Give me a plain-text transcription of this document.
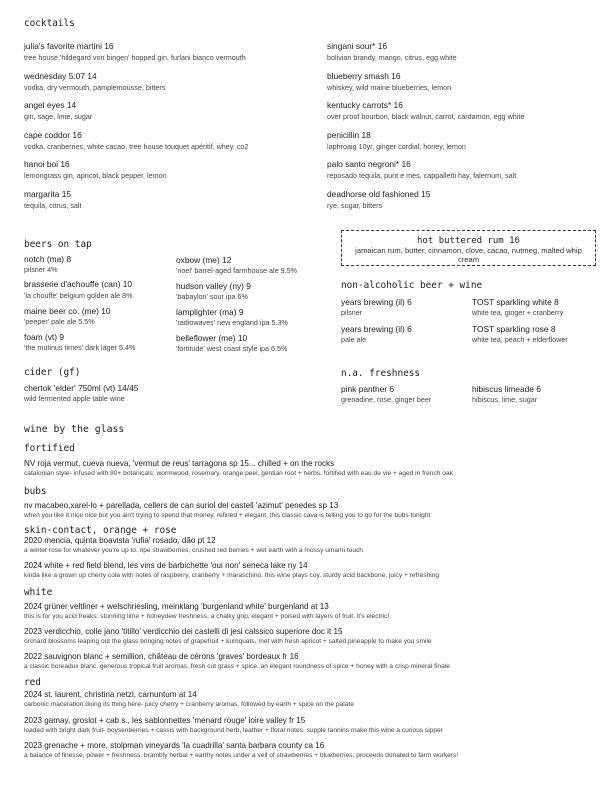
cocktails
julia's favorite martini 16
tree house 'hildegard von bingen' hopped gin, furlani bianco vermouth
wednesday 5:07 14
vodka, dry vermouth, pamplemousse, bitters
angel eyes 14
gin, sage, lime, sugar
cape coddor 16
vodka, cranberries, white cacao, tree house touquet apéritif, whey, co2
hanoi boi 16
lemongrass gin, apricot, black pepper, lemon
margarita 15
tequila, citrus, salt
singani sour* 16
bolivian brandy, mango, citrus, egg white
blueberry smash 16
whiskey, wild maine blueberries, lemon
kentucky carrots* 16
over proof bourbon, black walnut, carrot, cardamon, egg white
penicillin 18
laphroaig 10yr, ginger cordial, honey, lemon
palo santo negroni* 16
reposado tequila, punt e mes, cappalletti hay, falernum, salt
deadhorse old fashioned 15
rye, sugar, bitters
beers on tap
notch (ma) 8
pilsner 4%
brasserie d'achouffe (can) 10
'la chouffe' belgium golden ale 8%
maine beer co. (me) 10
'peeper' pale ale 5.5%
foam (vt) 9
'the mutinus times' dark lager 5.4%
oxbow (me) 12
'noel' barrel-aged farmhouse ale 9.5%
hudson valley (ny) 9
'babaylon' sour ipa 6%
lamplighter (ma) 9
'radiowaves' new england ipa 5.3%
belleflower (me) 10
'fortitude' west coast style ipa 6.5%
hot buttered rum 16
jamaican rum, butter, cinnamon, clove, cacao, nutmeg, malted whip cream
non-alcoholic beer + wine
years brewing (il) 6
pilsner
TOST sparkling white 8
white tea, ginger + cranberry
years brewing (il) 6
pale ale
TOST sparkling rose 8
white tea, peach + elderflower
cider (gf)
chertok 'elder' 750ml (vt) 14/45
wild fermented apple table wine
n.a. freshness
pink panther 6
grenadine, rose, ginger beer
hibiscus limeade 6
hibiscus, lime, sugar
wine by the glass
fortified
NV roja vermut, cueva nueva, 'vermut de reus' tarragona sp 15... chilled + on the rocks
catalonian style- infused with 80+ botanicals; wormwood, rosemary, orange peel, gentian root + herbs. fortified with eau de vie + aged in french oak
bubs
nv macabeo,xarel-lo + parellada, cellers de can suriol del castell 'azimut' penedes sp 13
when you like it nice nice but you ain't trying to spend that money. refined + elegant, this classic cava is telling you to go for the bubs tonight
skin-contact, orange + rose
2020 mencia, quinta boavista 'rufia' rosado, dão pt 12
a winter rose for whatever you're up to. ripe strawberries, crushed red berries + wet earth with a mossy umami touch
2024 white + red field blend, les vins de barbichette 'oui non' seneca lake ny 14
kinda like a grown up cherry cola with notes of raspberry, cranberry + maraschino. this wine plays coy. sturdy acid backbone, juicy + refreshing
white
2024 grüner veltliner + welschriesling, meinklang 'burgenland white' burgenland at 13
this is for you acid freaks: stunning lime + honeydew freshness, a chalky grip, elegant + poised with layers of fruit. it's electric!
2023 verdicchio, colle jano 'titillo' verdicchio dei castelli di jesi calssico superiore doc it 15
orchard blossoms leaping out the glass bringing notes of grapefruit + kumquats, met with fresh apricot + salted pineapple to make you smile
2022 sauvignon blanc + semillion, château de cérons 'graves' bordeaux fr 16
a classic boreadux blanc. generous tropical fruit aromas, fresh cut grass + spice. an elegant roundness of spice + honey with a crisp mineral finale
red
2024 st. laurent, christina netzl, carnuntum at 14
carbonic maceration doing its thing here- juicy cherry + cranberry aromas, followed by earth + spice on the palate
2023 gamay, groslot + cab s., les sablonnettes 'menard rouge' loire valley fr 15
loaded with bright dark fruit- boysenberries + cassis with background herb, leather + floral notes. supple tannins make this wine a curious sipper
2023 grenache + more, stolpman vineyards 'la cuadrilla' santa barbara county ca 16
a balance of finesse, power + freshness. brambly herbal + earthy notes under a veil of strawberries + blueberries. proceeds donated to farm workers!
